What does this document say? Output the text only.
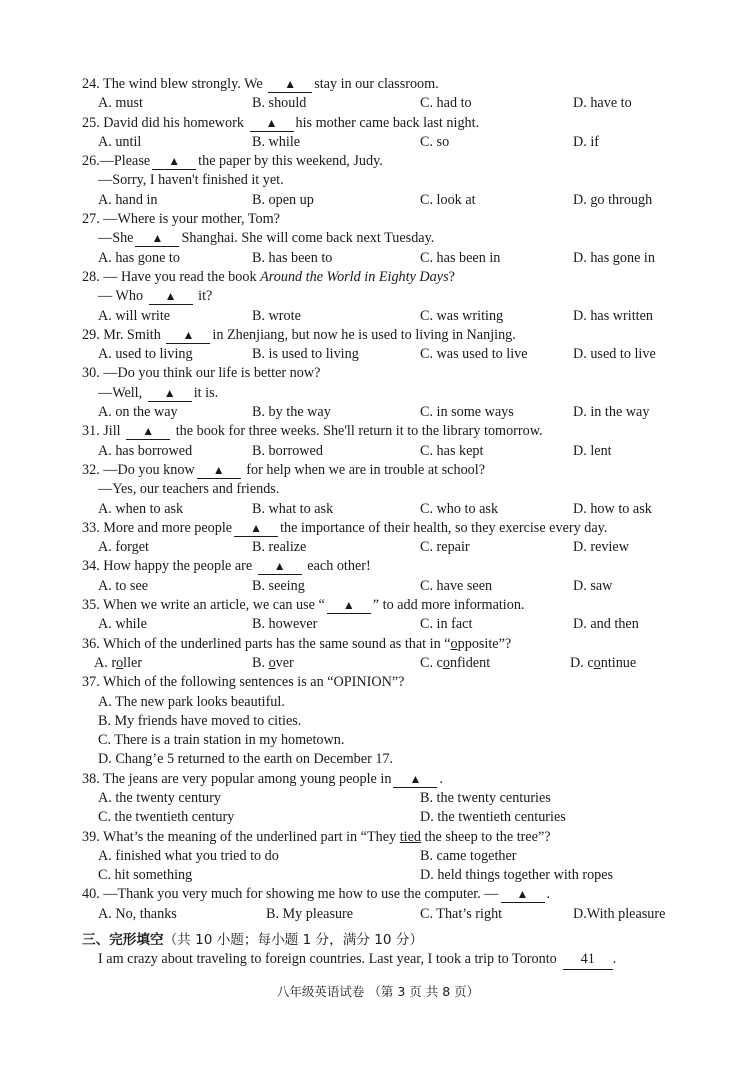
24. The wind blew strongly. We ▲ stay in our classroom.
A. must	B. should	C. had to	D. have to
25. David did his homework ▲ his mother came back last night.
A. until	B. while	C. so	D. if
26.—Please ▲ the paper by this weekend, Judy.
—Sorry, I haven't finished it yet.
A. hand in	B. open up	C. look at	D. go through
27. —Where is your mother, Tom?
—She ▲ Shanghai. She will come back next Tuesday.
A. has gone to	B. has been to	C. has been in	D. has gone in
28. — Have you read the book Around the World in Eighty Days?
— Who ▲ it?
A. will write	B. wrote	C. was writing	D. has written
29. Mr. Smith ▲ in Zhenjiang, but now he is used to living in Nanjing.
A. used to living	B. is used to living	C. was used to live	D. used to live
30. —Do you think our life is better now?
—Well, ▲ it is.
A. on the way	B. by the way	C. in some ways	D. in the way
31. Jill ▲ the book for three weeks. She'll return it to the library tomorrow.
A. has borrowed	B. borrowed	C. has kept	D. lent
32. —Do you know ▲ for help when we are in trouble at school?
—Yes, our teachers and friends.
A. when to ask	B. what to ask	C. who to ask	D. how to ask
33. More and more people ▲ the importance of their health, so they exercise every day.
A. forget	B. realize	C. repair	D. review
34. How happy the people are ▲ each other!
A. to see	B. seeing	C. have seen	D. saw
35. When we write an article, we can use “ ▲ ” to add more information.
A. while	B. however	C. in fact	D. and then
36. Which of the underlined parts has the same sound as that in “opposite”?
A. roller	B. over	C. confident	D. continue
37. Which of the following sentences is an “OPINION”?
A. The new park looks beautiful.
B. My friends have moved to cities.
C. There is a train station in my hometown.
D. Chang’e 5 returned to the earth on December 17.
38. The jeans are very popular among young people in ▲ .
A. the twenty century	B. the twenty centuries
C. the twentieth century	D. the twentieth centuries
39. What’s the meaning of the underlined part in “They tied the sheep to the tree”?
A. finished what you tried to do	B. came together
C. hit something	D. held things together with ropes
40. —Thank you very much for showing me how to use the computer. — ▲ .
A. No, thanks	B. My pleasure	C. That’s right	D.With pleasure
三、完形填空（共 10 小题；每小题 1 分，满分 10 分）
I am crazy about traveling to foreign countries. Last year, I took a trip to Toronto 41 .
八年级英语试卷 （第 3 页 共 8 页）
